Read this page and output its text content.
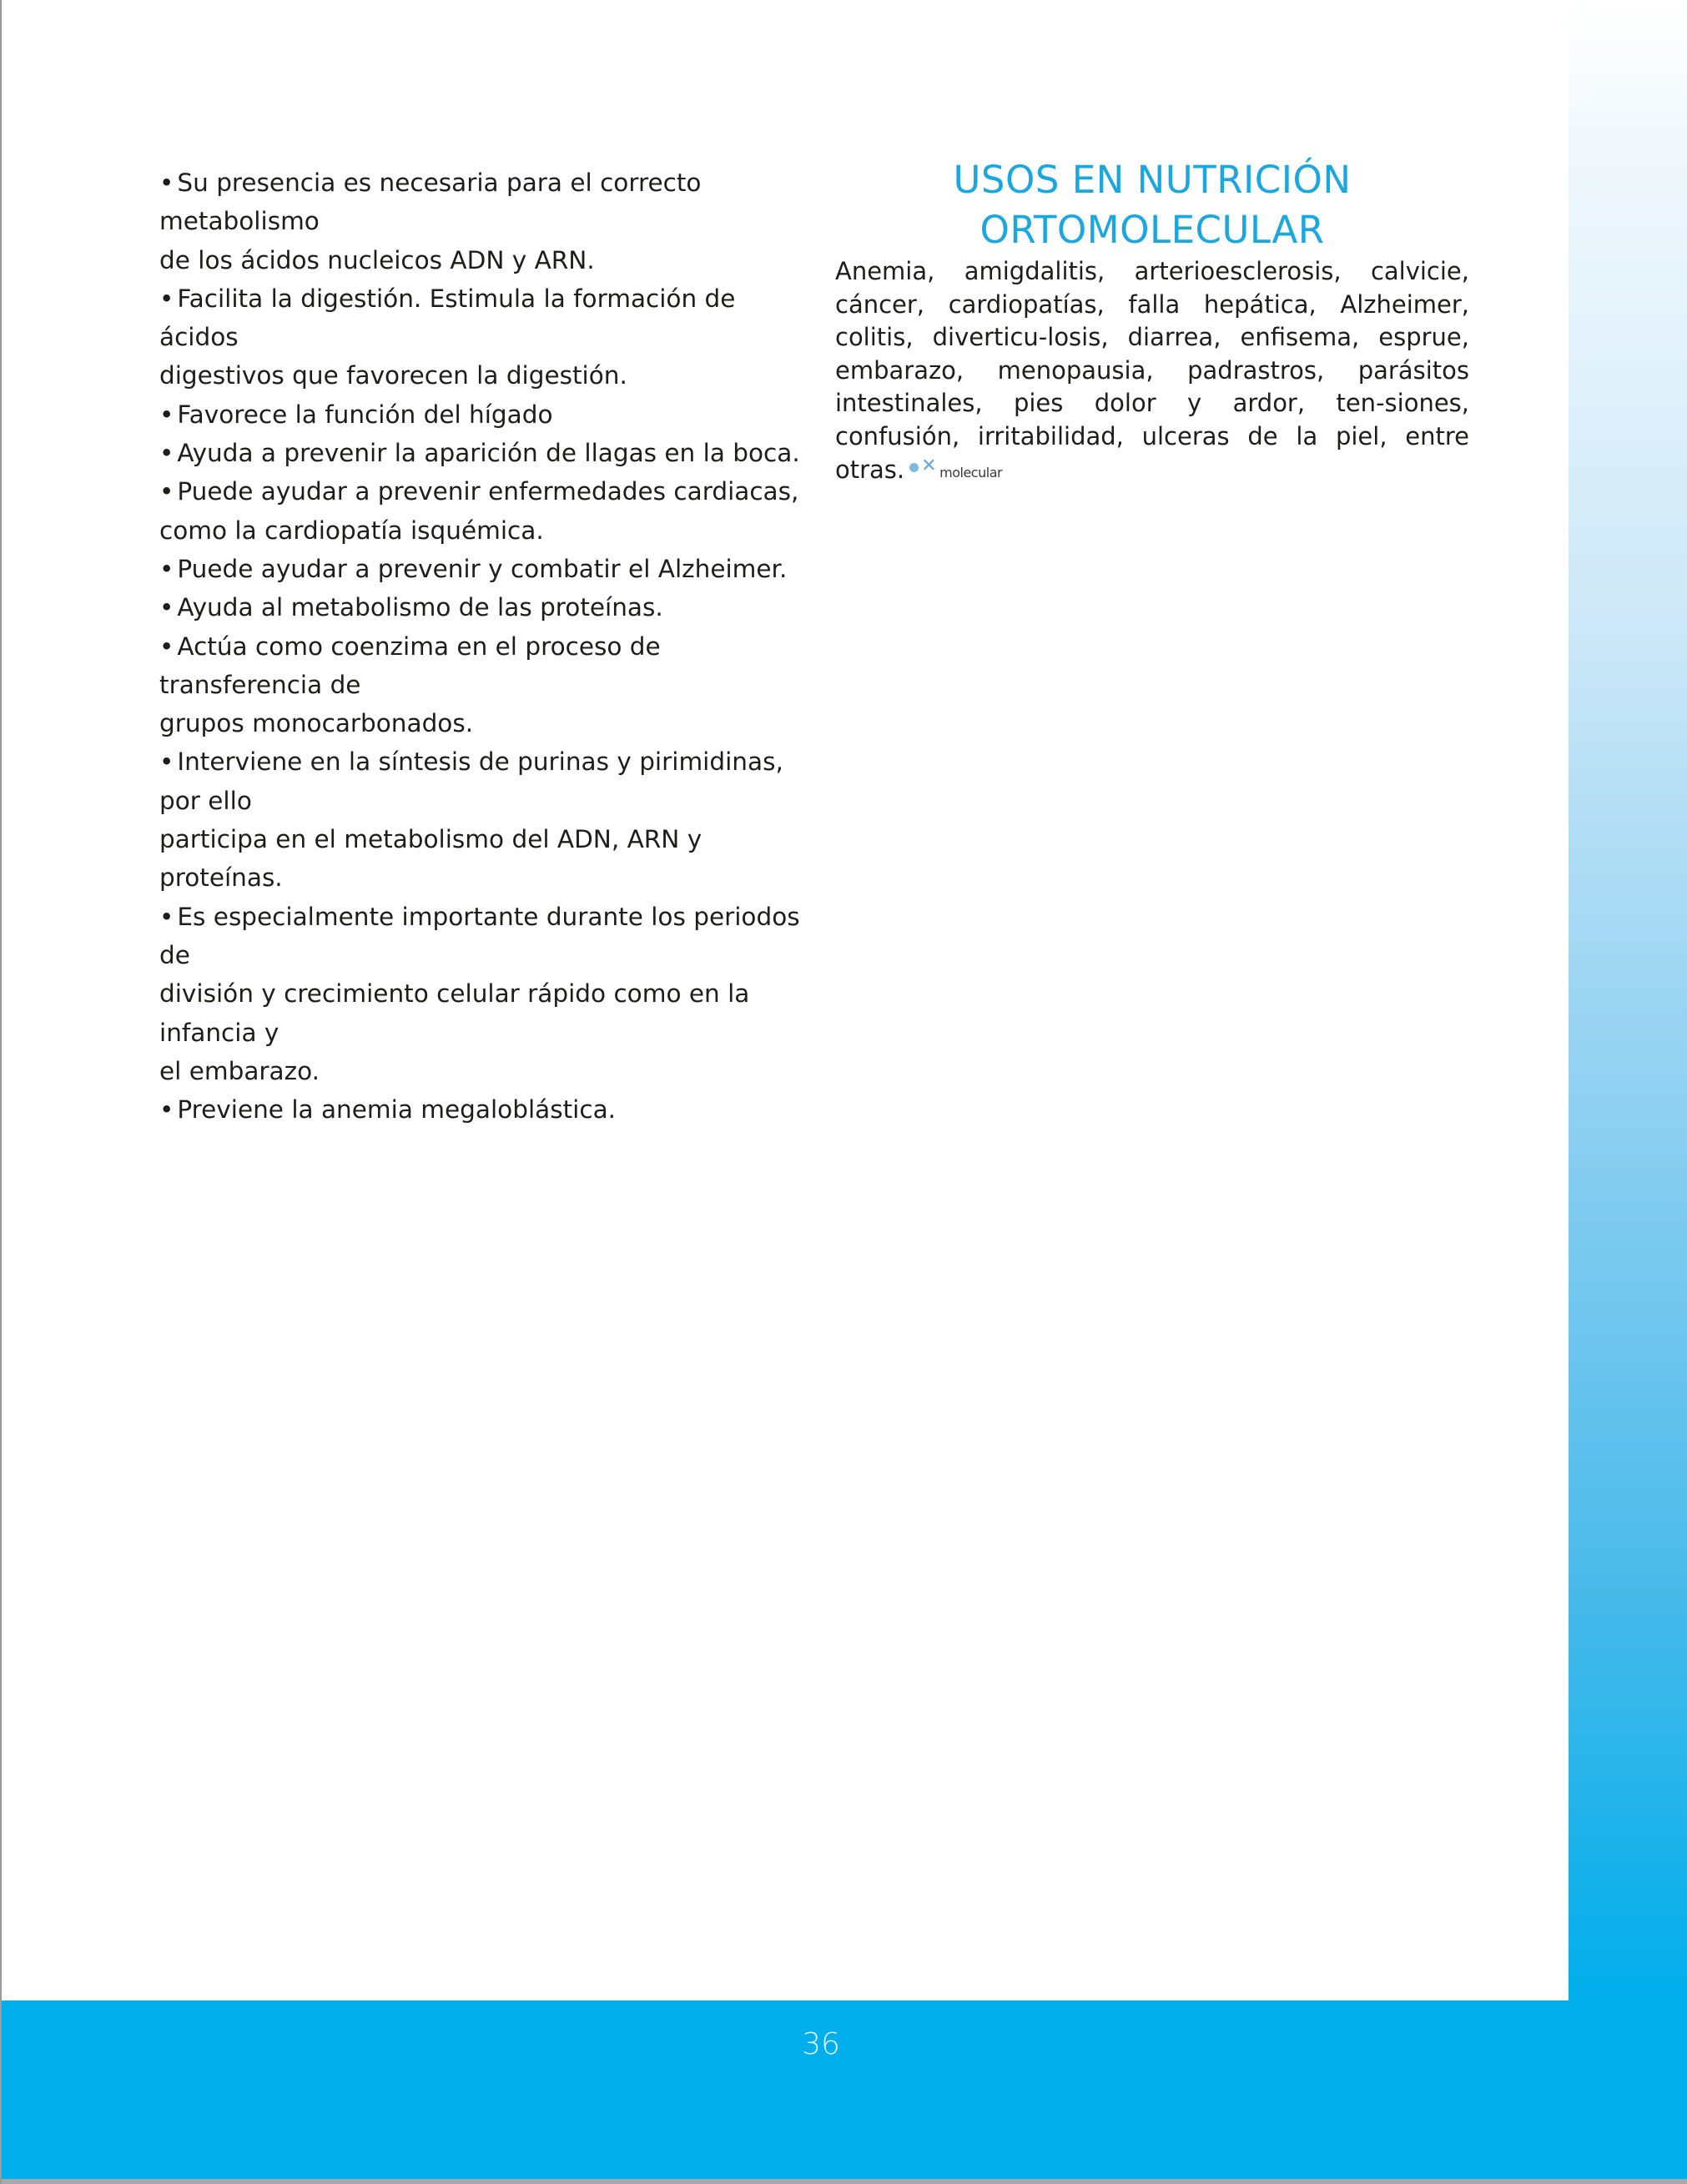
• Su presencia es necesaria para el correcto metabolismo
de los ácidos nucleicos ADN y ARN.
• Facilita la digestión. Estimula la formación de ácidos
digestivos que favorecen la digestión.
• Favorece la función del hígado
• Ayuda a prevenir la aparición de llagas en la boca.
• Puede ayudar a prevenir enfermedades cardiacas,
como la cardiopatía isquémica.
• Puede ayudar a prevenir y combatir el Alzheimer.
• Ayuda al metabolismo de las proteínas.
• Actúa como coenzima en el proceso de transferencia de
grupos monocarbonados.
• Interviene en la síntesis de purinas y pirimidinas, por ello
participa en el metabolismo del ADN, ARN y proteínas.
• Es especialmente importante durante los periodos de
división y crecimiento celular rápido como en la infancia y
el embarazo.
• Previene la anemia megaloblástica.
USOS EN NUTRICIÓN
ORTOMOLECULAR

Anemia, amigdalitis, arterioesclerosis, calvicie, cáncer, cardiopatías, falla hepática, Alzheimer, colitis, diverticu-losis, diarrea, enfisema, esprue, embarazo, menopausia, padrastros, parásitos intestinales, pies dolor y ardor, ten-siones, confusión, irritabilidad, ulceras de la piel, entre otras. ✕ molecular

36
